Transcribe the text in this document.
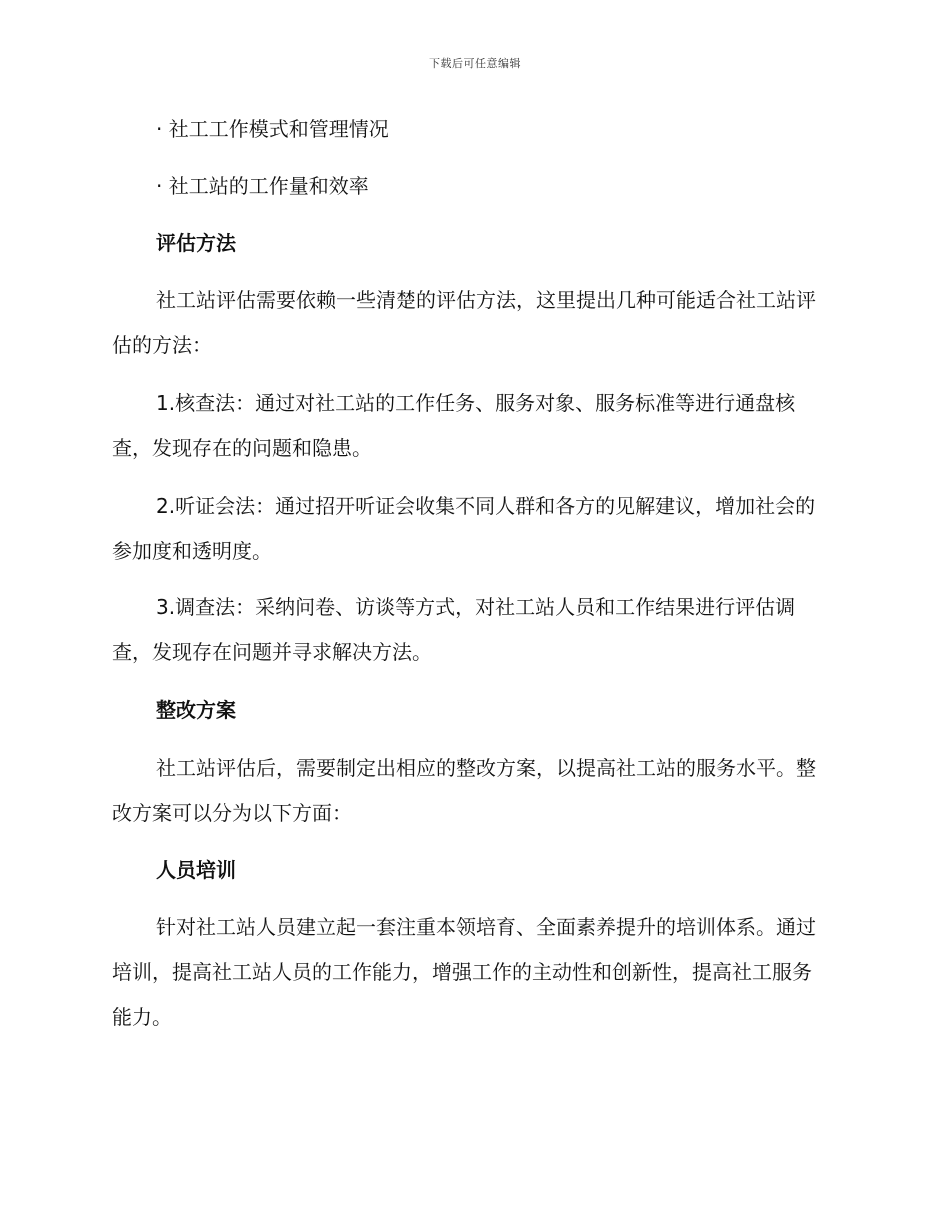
下载后可任意编辑

· 社工工作模式和管理情况

· 社工站的工作量和效率

评估方法

社工站评估需要依赖一些清楚的评估方法，这里提出几种可能适合社工站评估的方法：

1.核查法：通过对社工站的工作任务、服务对象、服务标准等进行通盘核查，发现存在的问题和隐患。

2.听证会法：通过招开听证会收集不同人群和各方的见解建议，增加社会的参加度和透明度。

3.调查法：采纳问卷、访谈等方式，对社工站人员和工作结果进行评估调查，发现存在问题并寻求解决方法。

整改方案

社工站评估后，需要制定出相应的整改方案，以提高社工站的服务水平。整改方案可以分为以下方面：

人员培训

针对社工站人员建立起一套注重本领培育、全面素养提升的培训体系。通过培训，提高社工站人员的工作能力，增强工作的主动性和创新性，提高社工服务能力。
